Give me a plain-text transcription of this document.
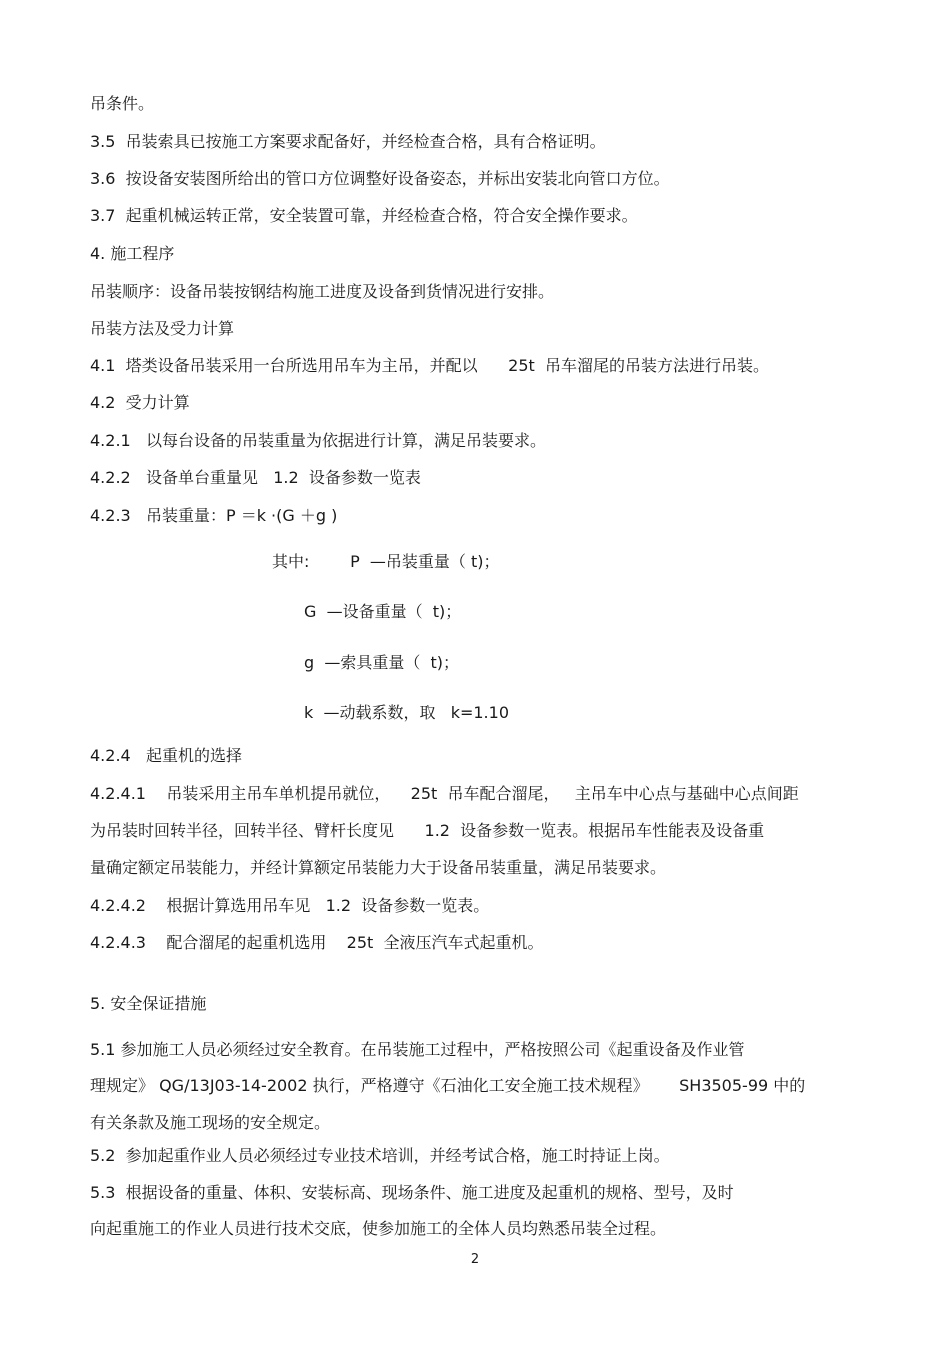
吊条件。
3.5  吊装索具已按施工方案要求配备好，并经检查合格，具有合格证明。
3.6  按设备安装图所给出的管口方位调整好设备姿态，并标出安装北向管口方位。
3.7  起重机械运转正常，安全装置可靠，并经检查合格，符合安全操作要求。
4. 施工程序
吊装顺序：设备吊装按钢结构施工进度及设备到货情况进行安排。
吊装方法及受力计算
4.1  塔类设备吊装采用一台所选用吊车为主吊，并配以      25t  吊车溜尾的吊装方法进行吊装。
4.2  受力计算
4.2.1   以每台设备的吊装重量为依据进行计算，满足吊装要求。
4.2.2   设备单台重量见   1.2  设备参数一览表
4.2.3   吊装重量：P ＝k ·(G ＋g )
其中:        P  —吊装重量（ t)；
G  —设备重量（  t)；
g  —索具重量（  t)；
k  —动载系数，取   k=1.10
4.2.4   起重机的选择
4.2.4.1    吊装采用主吊车单机提吊就位，    25t  吊车配合溜尾，   主吊车中心点与基础中心点间距
为吊装时回转半径，回转半径、臂杆长度见      1.2  设备参数一览表。根据吊车性能表及设备重
量确定额定吊装能力，并经计算额定吊装能力大于设备吊装重量，满足吊装要求。
4.2.4.2    根据计算选用吊车见   1.2  设备参数一览表。
4.2.4.3    配合溜尾的起重机选用    25t  全液压汽车式起重机。
5. 安全保证措施
5.1 参加施工人员必须经过安全教育。在吊装施工过程中，严格按照公司《起重设备及作业管
理规定》 QG/13J03-14-2002 执行，严格遵守《石油化工安全施工技术规程》      SH3505-99 中的
有关条款及施工现场的安全规定。
5.2  参加起重作业人员必须经过专业技术培训，并经考试合格，施工时持证上岗。
5.3  根据设备的重量、体积、安装标高、现场条件、施工进度及起重机的规格、型号，及时
向起重施工的作业人员进行技术交底，使参加施工的全体人员均熟悉吊装全过程。
2
